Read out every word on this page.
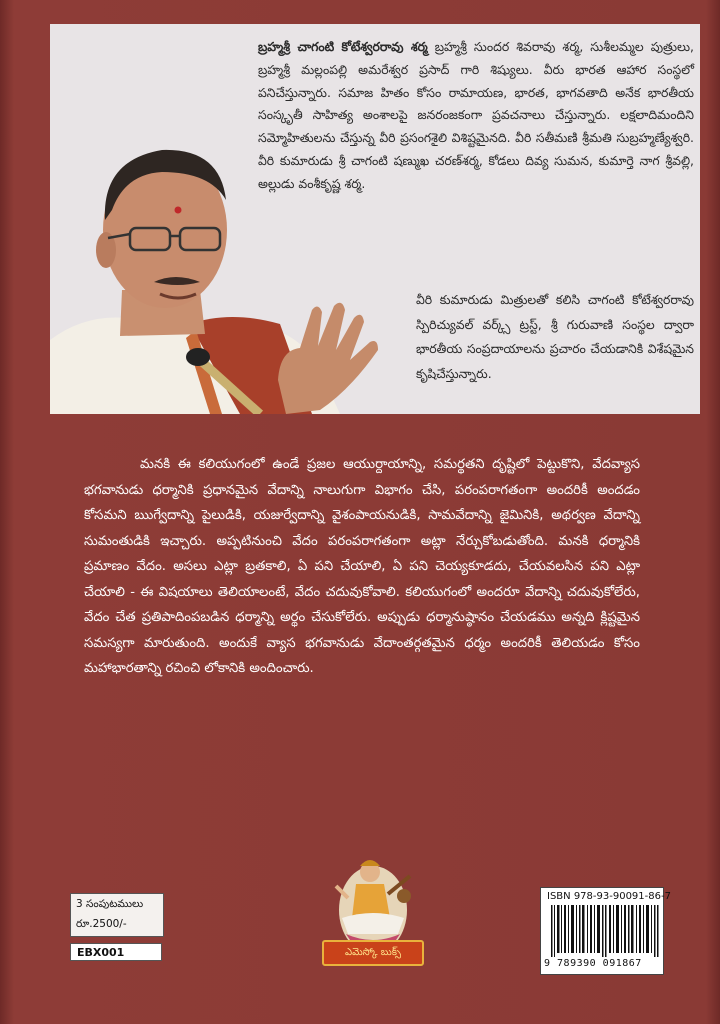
బ్రహ్మశ్రీ చాగంటి కోటేశ్వరరావు శర్మ బ్రహ్మశ్రీ సుందర శివరావు శర్మ, సుశీలమ్మల పుత్రులు, బ్రహ్మశ్రీ మల్లంపల్లి అమరేశ్వర ప్రసాద్ గారి శిష్యులు. వీరు భారత ఆహార సంస్థలో పనిచేస్తున్నారు. సమాజ హితం కోసం రామాయణ, భారత, భాగవతాది అనేక భారతీయ సంస్కృతీ సాహిత్య అంశాలపై జనరంజకంగా ప్రవచనాలు చేస్తున్నారు. లక్షలాదిమందిని సమ్మోహితులను చేస్తున్న వీరి ప్రసంగశైలి విశిష్టమైనది. వీరి సతీమణి శ్రీమతి సుబ్రహ్మణ్యేశ్వరి. వీరి కుమారుడు శ్రీ చాగంటి షణ్ముఖ చరణ్‌శర్మ, కోడలు దివ్య సుమన, కుమార్తె నాగ శ్రీవల్లి, అల్లుడు వంశీకృష్ణ శర్మ.

వీరి కుమారుడు మిత్రులతో కలిసి చాగంటి కోటేశ్వరరావు స్పిరిచ్యువల్ వర్క్స్ ట్రస్ట్, శ్రీ గురువాణి సంస్థల ద్వారా భారతీయ సంప్రదాయాలను ప్రచారం చేయడానికి విశేషమైన కృషిచేస్తున్నారు.

మనకి ఈ కలియుగంలో ఉండే ప్రజల ఆయుర్దాయాన్ని, సమర్థతని దృష్టిలో పెట్టుకొని, వేదవ్యాస భగవానుడు ధర్మానికి ప్రధానమైన వేదాన్ని నాలుగుగా విభాగం చేసి, పరంపరాగతంగా అందరికీ అందడం కోసమని ఋగ్వేదాన్ని పైలుడికి, యజుర్వేదాన్ని వైశంపాయనుడికి, సామవేదాన్ని జైమినికి, అథర్వణ వేదాన్ని సుమంతుడికి ఇచ్చారు. అప్పటినుంచి వేదం పరంపరాగతంగా అట్లా నేర్చుకోబడుతోంది. మనకి ధర్మానికి ప్రమాణం వేదం. అసలు ఎట్లా బ్రతకాలి, ఏ పని చేయాలి, ఏ పని చెయ్యకూడదు, చేయవలసిన పని ఎట్లా చేయాలి - ఈ విషయాలు తెలియాలంటే, వేదం చదువుకోవాలి. కలియుగంలో అందరూ వేదాన్ని చదువుకోలేరు, వేదం చేత ప్రతిపాదింపబడిన ధర్మాన్ని అర్థం చేసుకోలేరు. అప్పుడు ధర్మానుష్ఠానం చేయడము అన్నది క్లిష్టమైన సమస్యగా మారుతుంది. అందుకే వ్యాస భగవానుడు వేదాంతర్గతమైన ధర్మం అందరికీ తెలియడం కోసం మహాభారతాన్ని రచించి లోకానికి అందించారు.

3 సంపుటములు
రూ.2500/-
EBX001	ఎమెస్కో బుక్స్
ISBN 978-93-90091-86-7
9 789390 091867
